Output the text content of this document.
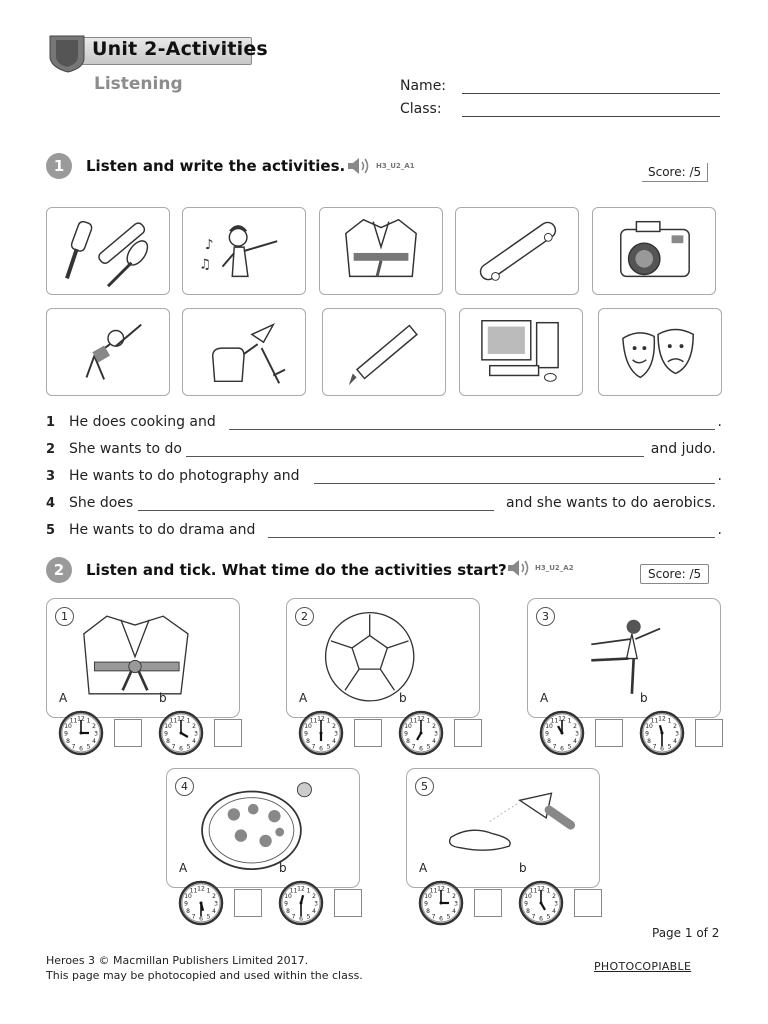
Unit 2-Activities
Listening	Name:
Class:
1	Listen and write the activities.	H3_U2_A1	Score: /5
♪
♫
1 He does cooking and	.
2 She wants to do	and judo.
3 He wants to do photography and	.
4 She does	and she wants to do aerobics.
5 He wants to do drama and	.
2	Listen and tick. What time do the activities start?	H3_U2_A2	Score: /5
1
A	b
1
2
3
4
5
6
7
8
9
10
11 12	1
2
3
4
5
6
7
8
9
10
11 12
2
A	b
1
2
3
4
5
6
7
8
9
10
11 12	1
2
3
4
5
6
7
8
9
10
11 12
3
A	b
1
2
3
4
5
6
7
8
9
10
11 12	1
2
3
4
5
6
7
8
9
10
11 12
4
A	b
1
2
3
4
5
6
7
8
9
10
11 12	1
2
3
4
5
6
7
8
9
10
11 12
5
A	b
1
2
3
4
5
6
7
8
9
10
11 12	1
2
3
4
5
6
7
8
9
10
11 12
Page 1 of 2
Heroes 3 © Macmillan Publishers Limited 2017.
This page may be photocopied and used within the class.
PHOTOCOPIABLE
